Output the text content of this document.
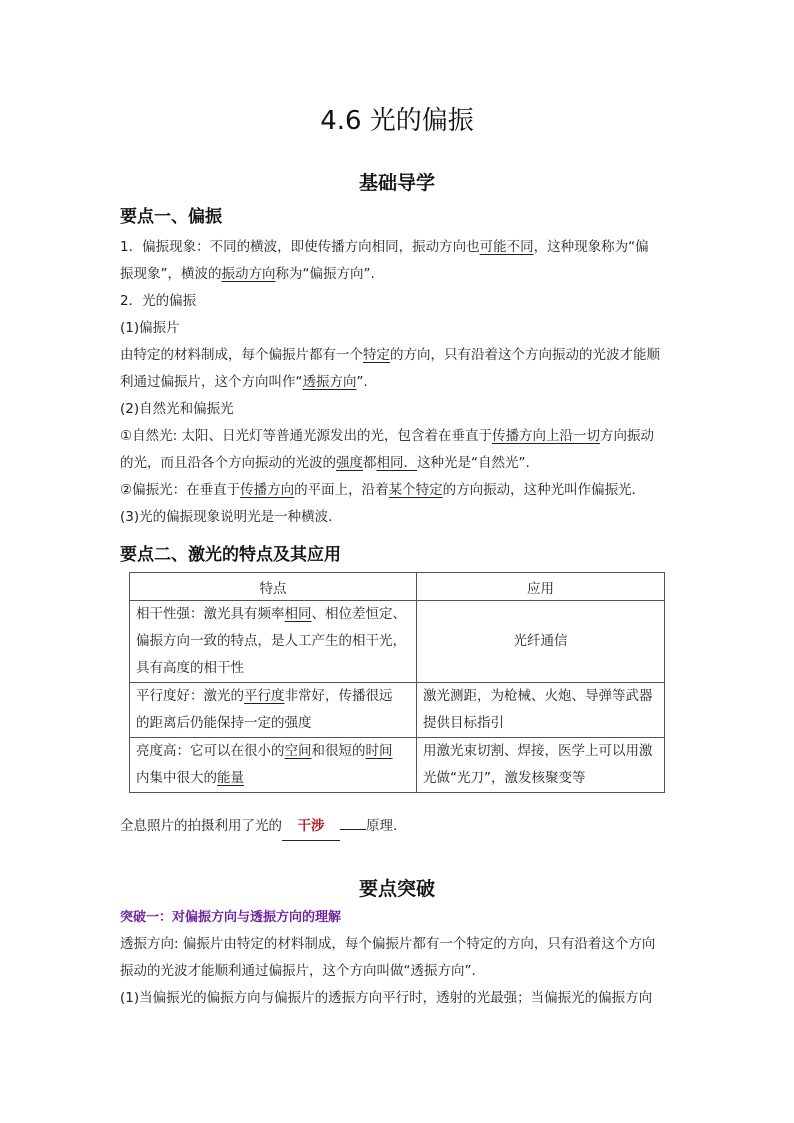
4.6 光的偏振
基础导学
要点一、偏振

1．偏振现象：不同的横波，即使传播方向相同，振动方向也可能不同，这种现象称为“偏
振现象”，横波的振动方向称为“偏振方向”.

2．光的偏振

(1)偏振片

由特定的材料制成，每个偏振片都有一个特定的方向，只有沿着这个方向振动的光波才能顺
利通过偏振片，这个方向叫作“透振方向”.

(2)自然光和偏振光

①自然光: 太阳、日光灯等普通光源发出的光，包含着在垂直于传播方向上沿一切方向振动
的光，而且沿各个方向振动的光波的强度都相同．这种光是“自然光”.

②偏振光：在垂直于传播方向的平面上，沿着某个特定的方向振动，这种光叫作偏振光．

(3)光的偏振现象说明光是一种横波．

要点二、激光的特点及其应用
特点	应用
相干性强：激光具有频率相同、相位差恒定、
偏振方向一致的特点，是人工产生的相干光，
具有高度的相干性	光纤通信
平行度好：激光的平行度非常好，传播很远
的距离后仍能保持一定的强度	激光测距，为枪械、火炮、导弹等武器
提供目标指引
亮度高：它可以在很小的空间和很短的时间
内集中很大的能量	用激光束切割、焊接，医学上可以用激
光做“光刀”，激发核聚变等
全息照片的拍摄利用了光的 干涉	原理.
要点突破
突破一：对偏振方向与透振方向的理解

透振方向: 偏振片由特定的材料制成，每个偏振片都有一个特定的方向，只有沿着这个方向
振动的光波才能顺利通过偏振片，这个方向叫做“透振方向”.

(1)当偏振光的偏振方向与偏振片的透振方向平行时，透射的光最强；当偏振光的偏振方向
